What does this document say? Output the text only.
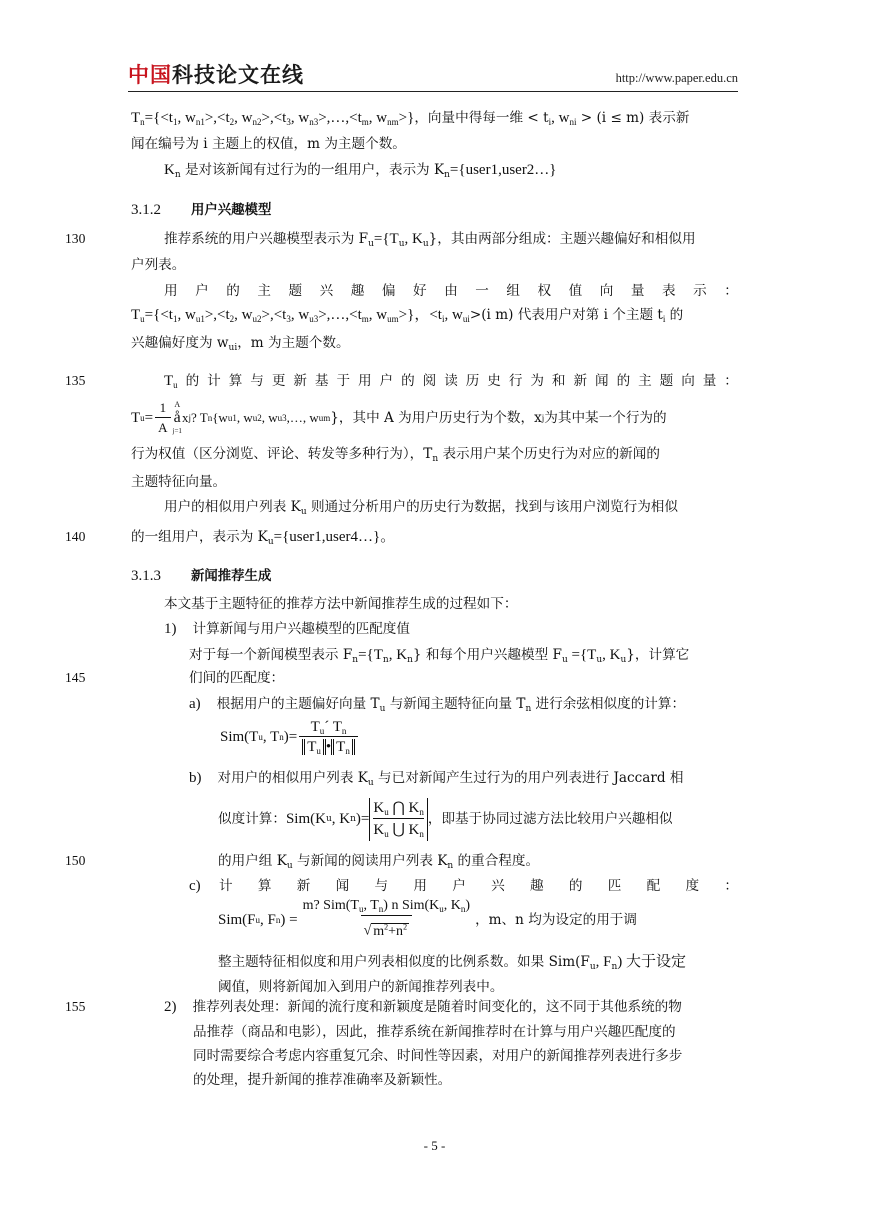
中国科技论文在线	http://www.paper.edu.cn
$T_n=\{<t_1$, $w_{n1}>,<t_2$, $w_{n2}>,<t_3$, $w_{n3}>,\dots,<t_m$, $w_{nm}>$}，向量中得每一维 < $t_i$, $w_{ni} > (i \le m)$ 表示新
闻在编号为 i 主题上的权值，m 为主题个数。
$K_n$ 是对该新闻有过行为的一组用户，表示为 $K_n=\{user1,user2\dots\}$
3.1.2 用户兴趣模型
130	推荐系统的用户兴趣模型表示为 $F_u=\{T_u$, $K_u$}，其由两部分组成：主题兴趣偏好和相似用
户列表。
用 户 的 主 题 兴 趣 偏 好 由 一 组 权 值 向 量 表 示 ：
$T_u=\{<t_1$, $w_{u1}>,<t_2$, $w_{u2}>,<t_3$, $w_{u3}>,\dots,<t_m$, $w_{um}>$}，$<t_i$, $w_{ui}>(i$ m) 代表用户对第 i 个主题 $t_i$ 的
兴趣偏好度为 $w_{ui}$，m 为主题个数。
135	$T_u$ 的 计 算 与 更 新 基 于 用 户 的 阅 读 历 史 行 为 和 新 闻 的 主 题 向 量 ：
T $u = \frac{1}{A}$ A
å
j=1
x j ? T n {w u1 , w u2 , w u3 ,…, w um }，其中 A 为用户历史行为个数，x j 为其中某一个行为的
行为权值（区分浏览、评论、转发等多种行为），$T_n$ 表示用户某个历史行为对应的新闻的
主题特征向量。
用户的相似用户列表 $K_u$ 则通过分析用户的历史行为数据，找到与该用户浏览行为相似
140	的一组用户，表示为 $K_u=\{user1,user4\dots\}$。
3.1.3 新闻推荐生成
本文基于主题特征的推荐方法中新闻推荐生成的过程如下：
1) 计算新闻与用户兴趣模型的匹配度值
对于每一个新闻模型表示 $F_n=\{T_n$, $K_n$} 和每个用户兴趣模型 $F_u =\{T_u$, $K_u$}，计算它
145	们间的匹配度：
a) 根据用户的主题偏好向量 $T_u$ 与新闻主题特征向量 $T_n$ 进行余弦相似度的计算：
Sim(T u , T n )= $\frac{T_u´ T_n}{T_u • T_n}$
b) 对用户的相似用户列表 $K_u$ 与已对新闻产生过行为的用户列表进行 Jaccard 相
似度计算： Sim(K u , K n )= $\frac{K_u ⋂ K_n}{K_u ⋃ K_n}$ ，即基于协同过滤方法比较用户兴趣相似
150	的用户组 $K_u$ 与新闻的阅读用户列表 $K_n$ 的重合程度。
c)	计 算 新 闻 与 用 户 兴 趣 的 匹 配 度 ：
Sim(F u , F n ) = $\frac{m? Sim(T_u, T_n) n Sim(K_u, K_n)}{√ m^2+n^2}$ ，m、n 均为设定的用于调
整主题特征相似度和用户列表相似度的比例系数。如果 $Sim(F_u$, $F_n$) 大于设定
阈值，则将新闻加入到用户的新闻推荐列表中。
155	2) 推荐列表处理：新闻的流行度和新颖度是随着时间变化的，这不同于其他系统的物
品推荐（商品和电影），因此，推荐系统在新闻推荐时在计算与用户兴趣匹配度的
同时需要综合考虑内容重复冗余、时间性等因素，对用户的新闻推荐列表进行多步
的处理，提升新闻的推荐准确率及新颖性。
- 5 -
